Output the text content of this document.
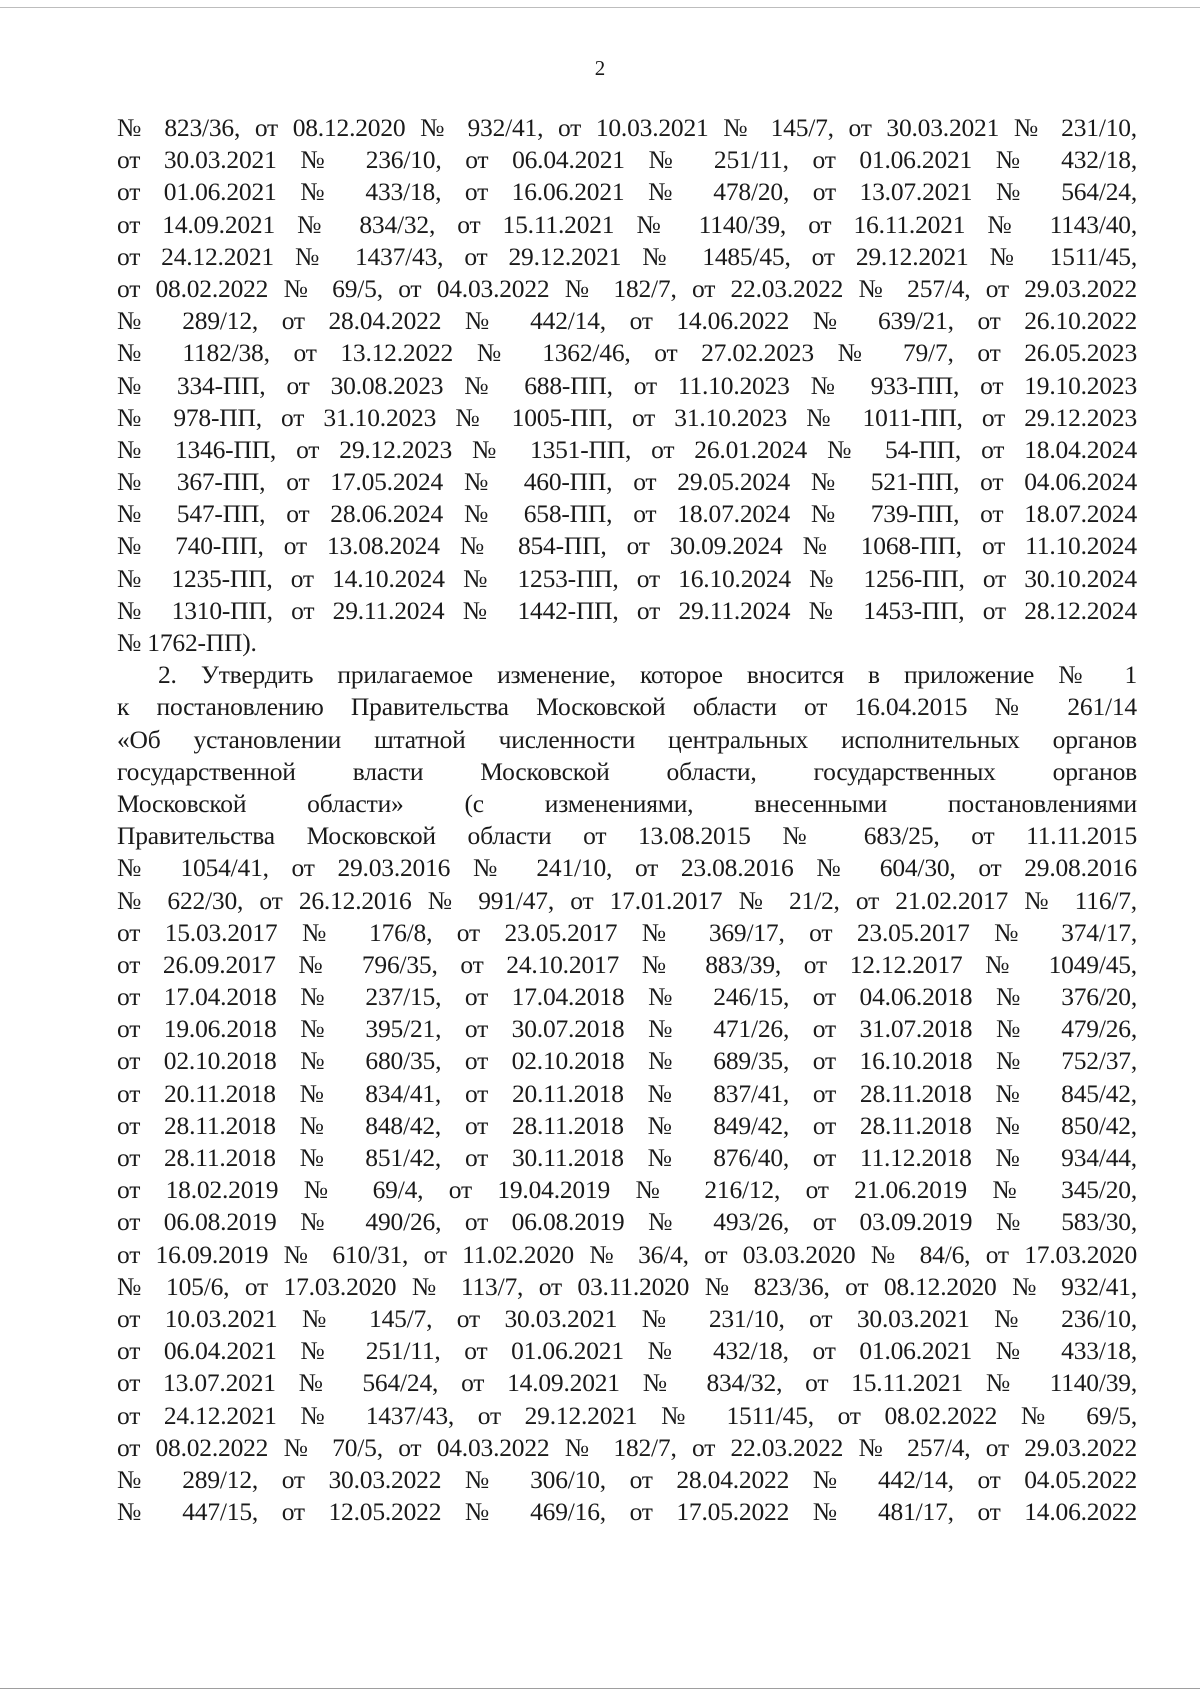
2
№ 823/36, от 08.12.2020 № 932/41, от 10.03.2021 № 145/7, от 30.03.2021 № 231/10,
от 30.03.2021 № 236/10, от 06.04.2021 № 251/11, от 01.06.2021 № 432/18,
от 01.06.2021 № 433/18, от 16.06.2021 № 478/20, от 13.07.2021 № 564/24,
от 14.09.2021 № 834/32, от 15.11.2021 № 1140/39, от 16.11.2021 № 1143/40,
от 24.12.2021 № 1437/43, от 29.12.2021 № 1485/45, от 29.12.2021 № 1511/45,
от 08.02.2022 № 69/5, от 04.03.2022 № 182/7, от 22.03.2022 № 257/4, от 29.03.2022
№ 289/12, от 28.04.2022 № 442/14, от 14.06.2022 № 639/21, от 26.10.2022
№ 1182/38, от 13.12.2022 № 1362/46, от 27.02.2023 № 79/7, от 26.05.2023
№ 334-ПП, от 30.08.2023 № 688-ПП, от 11.10.2023 № 933-ПП, от 19.10.2023
№ 978-ПП, от 31.10.2023 № 1005-ПП, от 31.10.2023 № 1011-ПП, от 29.12.2023
№ 1346-ПП, от 29.12.2023 № 1351-ПП, от 26.01.2024 № 54-ПП, от 18.04.2024
№ 367-ПП, от 17.05.2024 № 460-ПП, от 29.05.2024 № 521-ПП, от 04.06.2024
№ 547-ПП, от 28.06.2024 № 658-ПП, от 18.07.2024 № 739-ПП, от 18.07.2024
№ 740-ПП, от 13.08.2024 № 854-ПП, от 30.09.2024 № 1068-ПП, от 11.10.2024
№ 1235-ПП, от 14.10.2024 № 1253-ПП, от 16.10.2024 № 1256-ПП, от 30.10.2024
№ 1310-ПП, от 29.11.2024 № 1442-ПП, от 29.11.2024 № 1453-ПП, от 28.12.2024
№ 1762-ПП).
2. Утвердить прилагаемое изменение, которое вносится в приложение № 1
к постановлению Правительства Московской области от 16.04.2015 № 261/14
«Об установлении штатной численности центральных исполнительных органов
государственной власти Московской области, государственных органов
Московской области» (с изменениями, внесенными постановлениями
Правительства Московской области от 13.08.2015 № 683/25, от 11.11.2015
№ 1054/41, от 29.03.2016 № 241/10, от 23.08.2016 № 604/30, от 29.08.2016
№ 622/30, от 26.12.2016 № 991/47, от 17.01.2017 № 21/2, от 21.02.2017 № 116/7,
от 15.03.2017 № 176/8, от 23.05.2017 № 369/17, от 23.05.2017 № 374/17,
от 26.09.2017 № 796/35, от 24.10.2017 № 883/39, от 12.12.2017 № 1049/45,
от 17.04.2018 № 237/15, от 17.04.2018 № 246/15, от 04.06.2018 № 376/20,
от 19.06.2018 № 395/21, от 30.07.2018 № 471/26, от 31.07.2018 № 479/26,
от 02.10.2018 № 680/35, от 02.10.2018 № 689/35, от 16.10.2018 № 752/37,
от 20.11.2018 № 834/41, от 20.11.2018 № 837/41, от 28.11.2018 № 845/42,
от 28.11.2018 № 848/42, от 28.11.2018 № 849/42, от 28.11.2018 № 850/42,
от 28.11.2018 № 851/42, от 30.11.2018 № 876/40, от 11.12.2018 № 934/44,
от 18.02.2019 № 69/4, от 19.04.2019 № 216/12, от 21.06.2019 № 345/20,
от 06.08.2019 № 490/26, от 06.08.2019 № 493/26, от 03.09.2019 № 583/30,
от 16.09.2019 № 610/31, от 11.02.2020 № 36/4, от 03.03.2020 № 84/6, от 17.03.2020
№ 105/6, от 17.03.2020 № 113/7, от 03.11.2020 № 823/36, от 08.12.2020 № 932/41,
от 10.03.2021 № 145/7, от 30.03.2021 № 231/10, от 30.03.2021 № 236/10,
от 06.04.2021 № 251/11, от 01.06.2021 № 432/18, от 01.06.2021 № 433/18,
от 13.07.2021 № 564/24, от 14.09.2021 № 834/32, от 15.11.2021 № 1140/39,
от 24.12.2021 № 1437/43, от 29.12.2021 № 1511/45, от 08.02.2022 № 69/5,
от 08.02.2022 № 70/5, от 04.03.2022 № 182/7, от 22.03.2022 № 257/4, от 29.03.2022
№ 289/12, от 30.03.2022 № 306/10, от 28.04.2022 № 442/14, от 04.05.2022
№ 447/15, от 12.05.2022 № 469/16, от 17.05.2022 № 481/17, от 14.06.2022
